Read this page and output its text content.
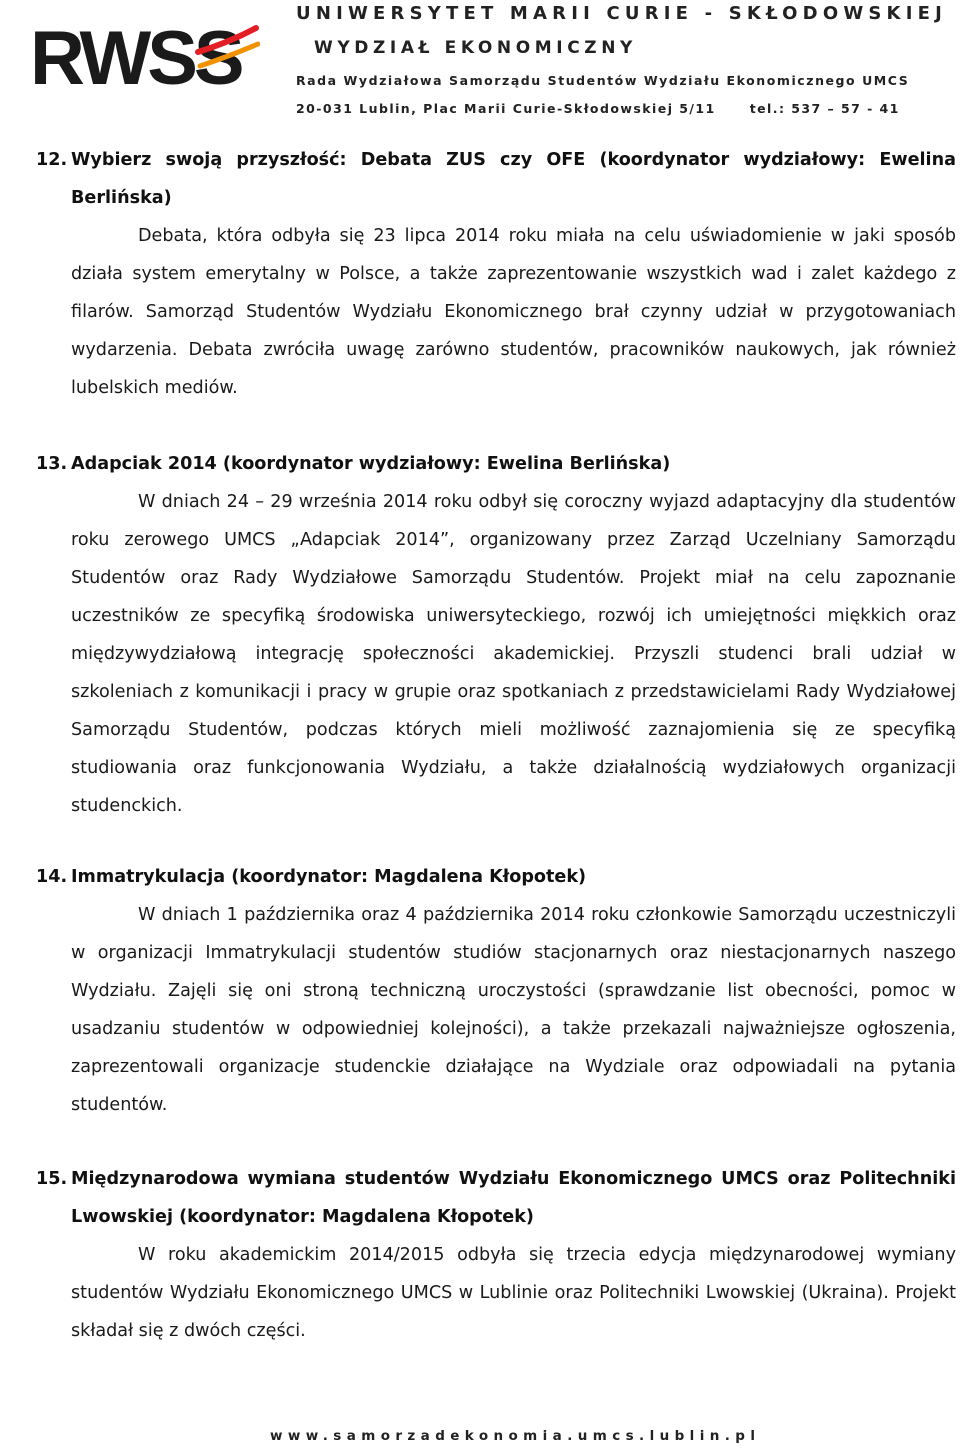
RWSS
UNIWERSYTET MARII CURIE - SKŁODOWSKIEJ
WYDZIAŁ EKONOMICZNY
Rada Wydziałowa Samorządu Studentów Wydziału Ekonomicznego UMCS
20-031 Lublin, Plac Marii Curie-Skłodowskiej 5/11	tel.: 537 – 57 - 41
12. Wybierz swoją przyszłość: Debata ZUS czy OFE (koordynator wydziałowy: Ewelina Berlińska)
Debata, która odbyła się 23 lipca 2014 roku miała na celu uświadomienie w jaki sposób działa system emerytalny w Polsce, a także zaprezentowanie wszystkich wad i zalet każdego z filarów. Samorząd Studentów Wydziału Ekonomicznego brał czynny udział w przygotowaniach wydarzenia. Debata zwróciła uwagę zarówno studentów, pracowników naukowych, jak również lubelskich mediów.
13. Adapciak 2014 (koordynator wydziałowy: Ewelina Berlińska)
W dniach 24 – 29 września 2014 roku odbył się coroczny wyjazd adaptacyjny dla studentów roku zerowego UMCS „Adapciak 2014”, organizowany przez Zarząd Uczelniany Samorządu Studentów oraz Rady Wydziałowe Samorządu Studentów. Projekt miał na celu zapoznanie uczestników ze specyfiką środowiska uniwersyteckiego, rozwój ich umiejętności miękkich oraz międzywydziałową integrację społeczności akademickiej. Przyszli studenci brali udział w szkoleniach z komunikacji i pracy w grupie oraz spotkaniach z przedstawicielami Rady Wydziałowej Samorządu Studentów, podczas których mieli możliwość zaznajomienia się ze specyfiką studiowania oraz funkcjonowania Wydziału, a także działalnością wydziałowych organizacji studenckich.
14. Immatrykulacja (koordynator: Magdalena Kłopotek)
W dniach 1 października oraz 4 października 2014 roku członkowie Samorządu uczestniczyli w organizacji Immatrykulacji studentów studiów stacjonarnych oraz niestacjonarnych naszego Wydziału. Zajęli się oni stroną techniczną uroczystości (sprawdzanie list obecności, pomoc w usadzaniu studentów w odpowiedniej kolejności), a także przekazali najważniejsze ogłoszenia, zaprezentowali organizacje studenckie działające na Wydziale oraz odpowiadali na pytania studentów.
15. Międzynarodowa wymiana studentów Wydziału Ekonomicznego UMCS oraz Politechniki Lwowskiej (koordynator: Magdalena Kłopotek)
W roku akademickim 2014/2015 odbyła się trzecia edycja międzynarodowej wymiany studentów Wydziału Ekonomicznego UMCS w Lublinie oraz Politechniki Lwowskiej (Ukraina). Projekt składał się z dwóch części.
www.samorzadekonomia.umcs.lublin.pl
